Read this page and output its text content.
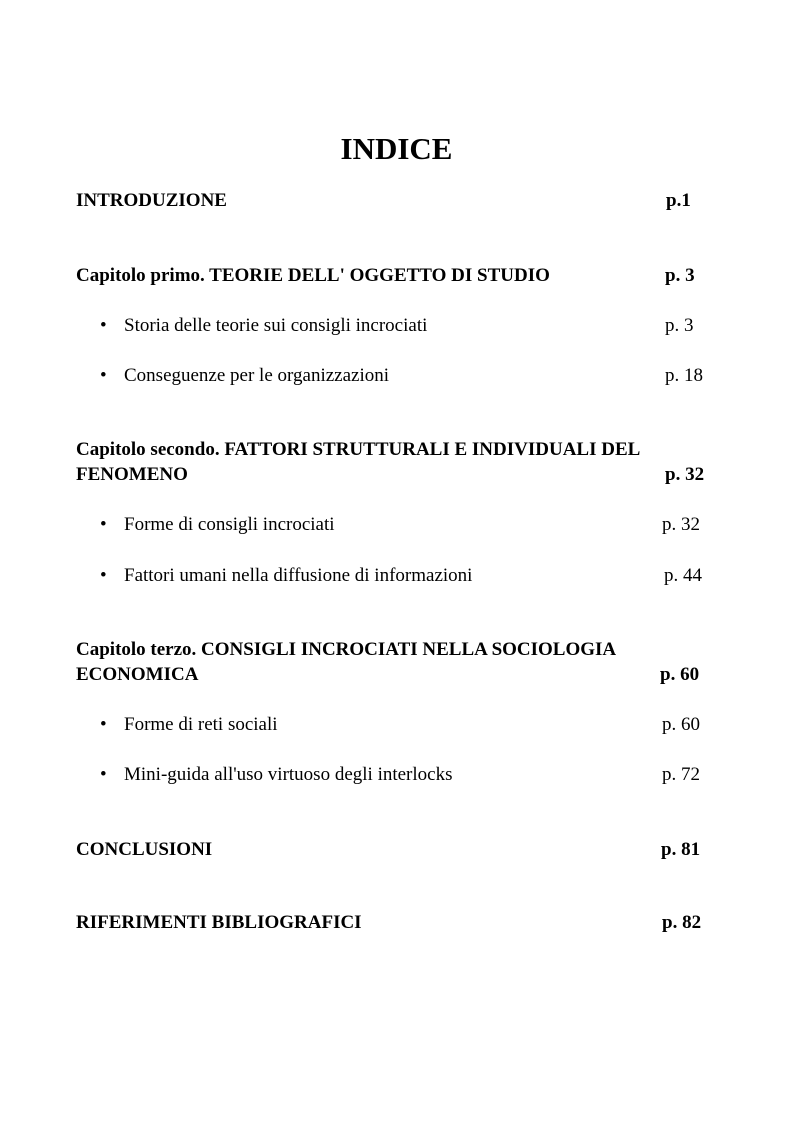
INDICE
INTRODUZIONE	p.1
Capitolo primo. TEORIE DELL' OGGETTO DI STUDIO	p. 3
• Storia delle teorie sui consigli incrociati	p. 3
• Conseguenze per le organizzazioni	p. 18
Capitolo secondo. FATTORI STRUTTURALI E INDIVIDUALI DEL
FENOMENO	p. 32
• Forme di consigli incrociati	p. 32
• Fattori umani nella diffusione di informazioni	p. 44
Capitolo terzo. CONSIGLI INCROCIATI NELLA SOCIOLOGIA
ECONOMICA	p. 60
• Forme di reti sociali	p. 60
• Mini-guida all'uso virtuoso degli interlocks	p. 72
CONCLUSIONI	p. 81
RIFERIMENTI BIBLIOGRAFICI	p. 82
